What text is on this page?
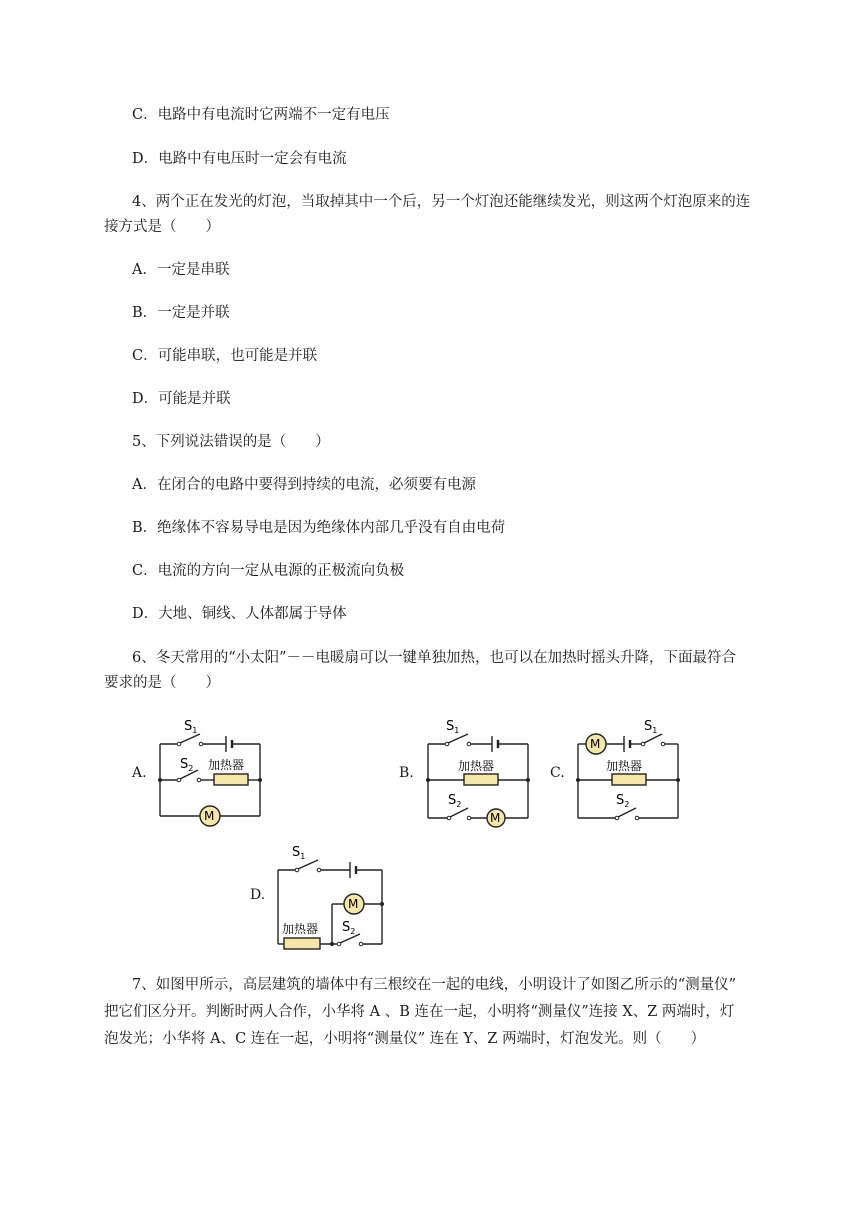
C．电路中有电流时它两端不一定有电压
D．电路中有电压时一定会有电流
4、两个正在发光的灯泡，当取掉其中一个后，另一个灯泡还能继续发光，则这两个灯泡原来的连
接方式是（　　）
A．一定是串联
B．一定是并联
C．可能串联，也可能是并联
D．可能是并联
5、下列说法错误的是（　　）
A．在闭合的电路中要得到持续的电流，必须要有电源
B．绝缘体不容易导电是因为绝缘体内部几乎没有自由电荷
C．电流的方向一定从电源的正极流向负极
D．大地、铜线、人体都属于导体
6、冬天常用的“小太阳”－－电暖扇可以一键单独加热，也可以在加热时摇头升降，下面最符合
要求的是（　　）
A.	B.	C.
D.
$S_1$
$S_2$ 加热器
M
$S_1$
加热器
$S_2$
M
M
$S_1$
加热器
$S_2$
$S_1$
M
加热器 $S_2$
7、如图甲所示，高层建筑的墙体中有三根绞在一起的电线，小明设计了如图乙所示的“测量仪”
把它们区分开。判断时两人合作，小华将 A 、B 连在一起，小明将“测量仪”连接 X、Z 两端时，灯
泡发光；小华将 A、C 连在一起，小明将“测量仪” 连在 Y、Z 两端时，灯泡发光。则（　　）
